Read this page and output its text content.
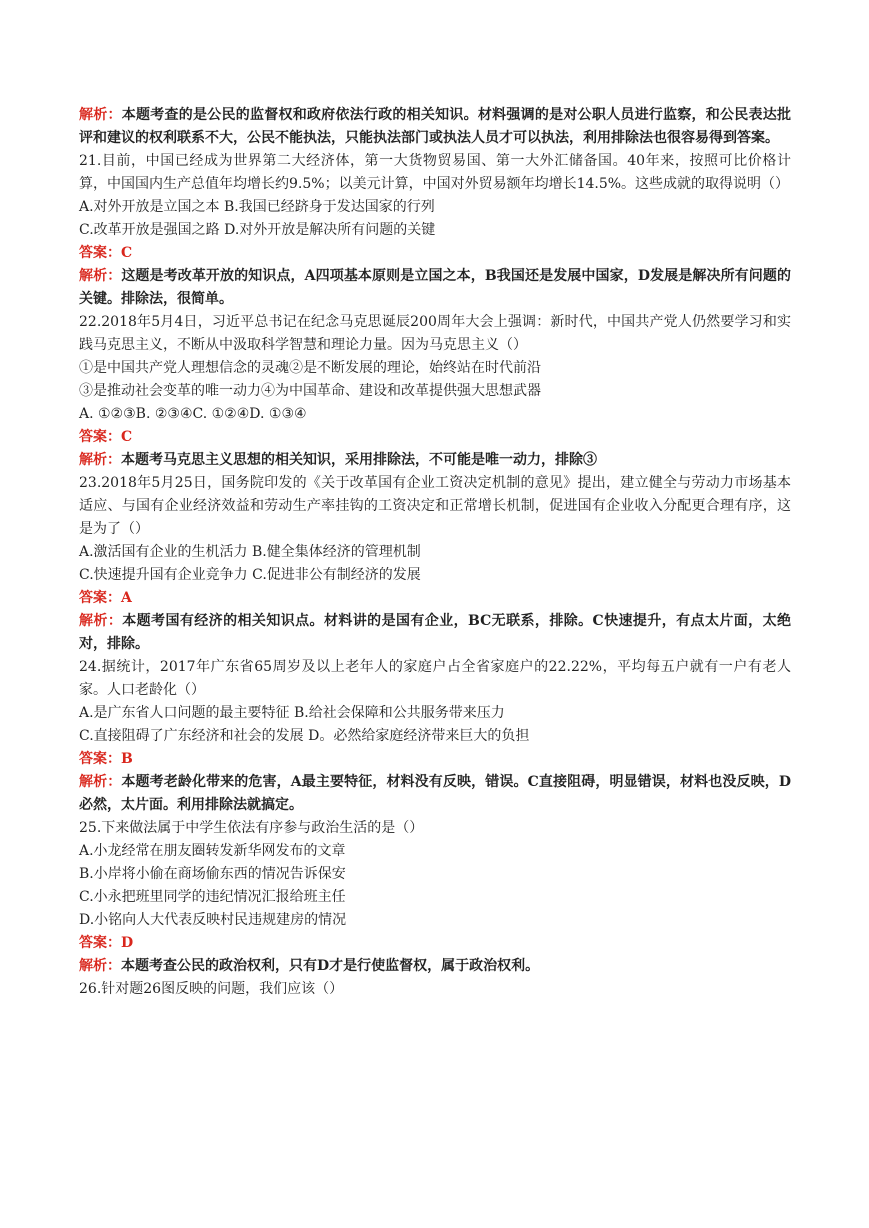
解析：本题考查的是公民的监督权和政府依法行政的相关知识。材料强调的是对公职人员进行监察，和公民表达批评和建议的权利联系不大，公民不能执法，只能执法部门或执法人员才可以执法，利用排除法也很容易得到答案。
21.目前，中国已经成为世界第二大经济体，第一大货物贸易国、第一大外汇储备国。40年来，按照可比价格计算，中国国内生产总值年均增长约9.5%；以美元计算，中国对外贸易额年均增长14.5%。这些成就的取得说明（）
A.对外开放是立国之本 B.我国已经跻身于发达国家的行列
C.改革开放是强国之路 D.对外开放是解决所有问题的关键
答案：C
解析：这题是考改革开放的知识点，A四项基本原则是立国之本，B我国还是发展中国家，D发展是解决所有问题的关键。排除法，很简单。
22.2018年5月4日，习近平总书记在纪念马克思诞辰200周年大会上强调：新时代，中国共产党人仍然要学习和实践马克思主义，不断从中汲取科学智慧和理论力量。因为马克思主义（）
①是中国共产党人理想信念的灵魂②是不断发展的理论，始终站在时代前沿
③是推动社会变革的唯一动力④为中国革命、建设和改革提供强大思想武器
A. ①②③B. ②③④C. ①②④D. ①③④
答案：C
解析：本题考马克思主义思想的相关知识，采用排除法，不可能是唯一动力，排除③
23.2018年5月25日，国务院印发的《关于改革国有企业工资决定机制的意见》提出，建立健全与劳动力市场基本适应、与国有企业经济效益和劳动生产率挂钩的工资决定和正常增长机制，促进国有企业收入分配更合理有序，这是为了（）
A.激活国有企业的生机活力 B.健全集体经济的管理机制
C.快速提升国有企业竞争力 C.促进非公有制经济的发展
答案：A
解析：本题考国有经济的相关知识点。材料讲的是国有企业，BC无联系，排除。C快速提升，有点太片面，太绝对，排除。
24.据统计，2017年广东省65周岁及以上老年人的家庭户占全省家庭户的22.22%，平均每五户就有一户有老人家。人口老龄化（）
A.是广东省人口问题的最主要特征 B.给社会保障和公共服务带来压力
C.直接阻碍了广东经济和社会的发展 D。必然给家庭经济带来巨大的负担
答案：B
解析：本题考老龄化带来的危害，A最主要特征，材料没有反映，错误。C直接阻碍，明显错误，材料也没反映，D必然，太片面。利用排除法就搞定。
25.下来做法属于中学生依法有序参与政治生活的是（）
A.小龙经常在朋友圈转发新华网发布的文章
B.小岸将小偷在商场偷东西的情况告诉保安
C.小永把班里同学的违纪情况汇报给班主任
D.小铭向人大代表反映村民违规建房的情况
答案：D
解析：本题考查公民的政治权利，只有D才是行使监督权，属于政治权利。
26.针对题26图反映的问题，我们应该（）
